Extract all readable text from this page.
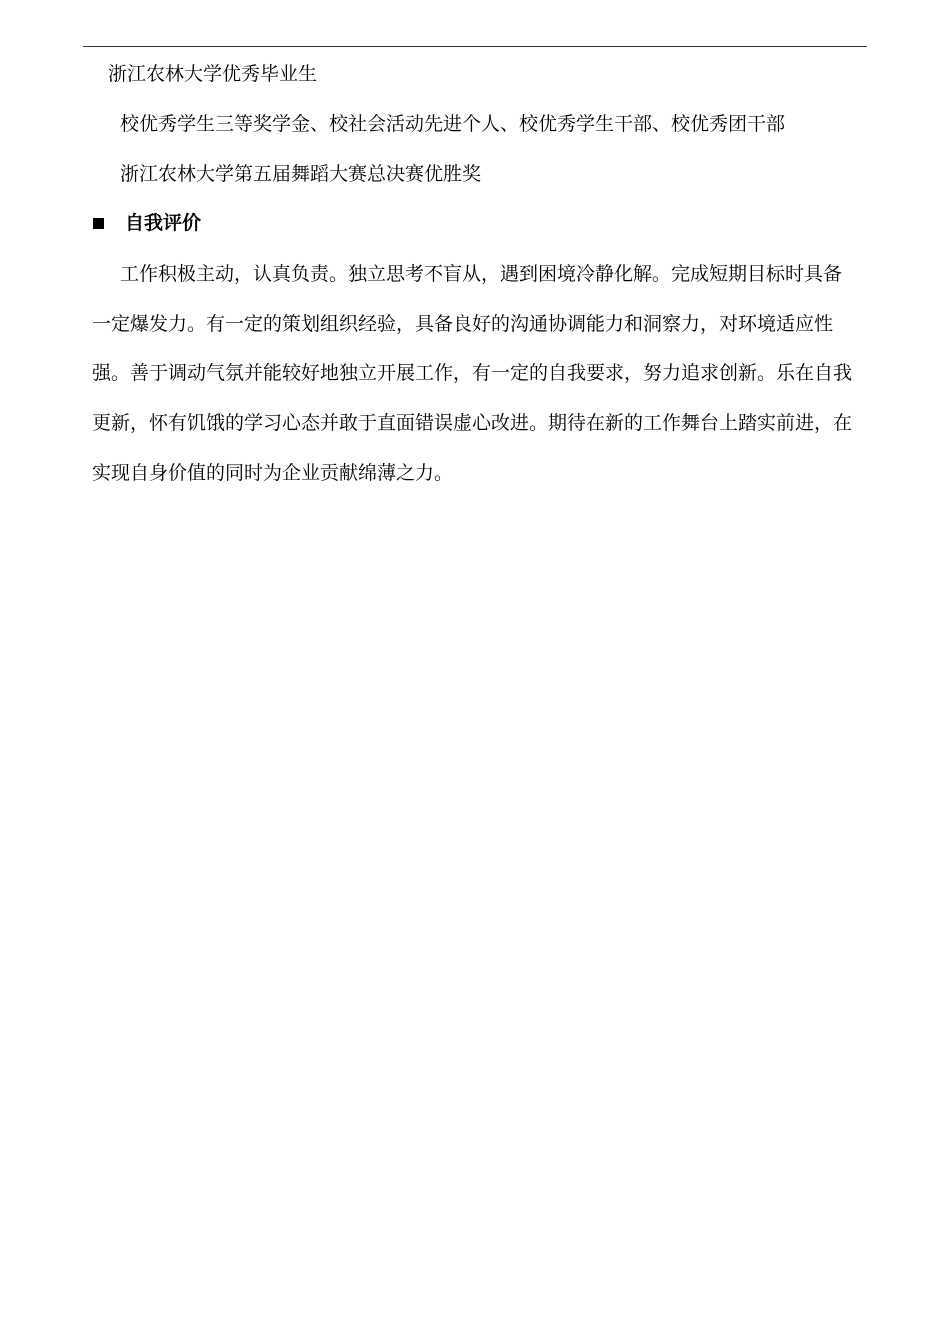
浙江农林大学优秀毕业生
校优秀学生三等奖学金、校社会活动先进个人、校优秀学生干部、校优秀团干部
浙江农林大学第五届舞蹈大赛总决赛优胜奖
自我评价
工作积极主动，认真负责。独立思考不盲从，遇到困境冷静化解。完成短期目标时具备
一定爆发力。有一定的策划组织经验，具备良好的沟通协调能力和洞察力，对环境适应性
强。善于调动气氛并能较好地独立开展工作，有一定的自我要求，努力追求创新。乐在自我
更新，怀有饥饿的学习心态并敢于直面错误虚心改进。期待在新的工作舞台上踏实前进，在
实现自身价值的同时为企业贡献绵薄之力。
